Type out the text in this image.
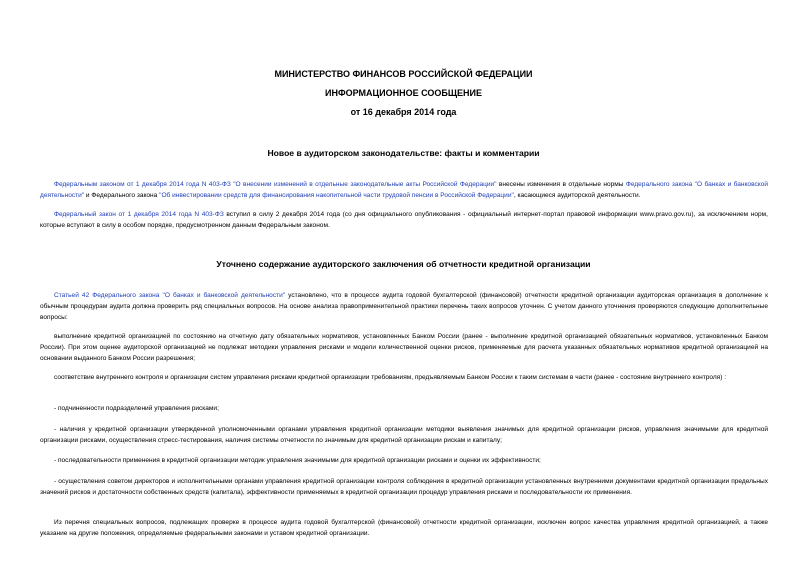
МИНИСТЕРСТВО ФИНАНСОВ РОССИЙСКОЙ ФЕДЕРАЦИИ
ИНФОРМАЦИОННОЕ СООБЩЕНИЕ
от 16 декабря 2014 года
Новое в аудиторском законодательстве: факты и комментарии
Федеральным законом от 1 декабря 2014 года N 403-ФЗ "О внесении изменений в отдельные законодательные акты Российской Федерации" внесены изменения в отдельные нормы Федерального закона "О банках и банковской деятельности" и Федерального закона "Об инвестировании средств для финансирования накопительной части трудовой пенсии в Российской Федерации", касающиеся аудиторской деятельности.
Федеральный закон от 1 декабря 2014 года N 403-ФЗ вступил в силу 2 декабря 2014 года (со дня официального опубликования - официальный интернет-портал правовой информации www.pravo.gov.ru), за исключением норм, которые вступают в силу в особом порядке, предусмотренном данным Федеральным законом.
Уточнено содержание аудиторского заключения об отчетности кредитной организации
Статьей 42 Федерального закона "О банках и банковской деятельности" установлено, что в процессе аудита годовой бухгалтерской (финансовой) отчетности кредитной организации аудиторская организация в дополнение к обычным процедурам аудита должна проверить ряд специальных вопросов. На основе анализа правоприменительной практики перечень таких вопросов уточнен. С учетом данного уточнения проверяются следующие дополнительные вопросы:
выполнение кредитной организацией по состоянию на отчетную дату обязательных нормативов, установленных Банком России (ранее - выполнение кредитной организацией обязательных нормативов, установленных Банком России). При этом оценке аудиторской организацией не подлежат методики управления рисками и модели количественной оценки рисков, применяемые для расчета указанных обязательных нормативов кредитной организацией на основании выданного Банком России разрешения;
соответствие внутреннего контроля и организации систем управления рисками кредитной организации требованиям, предъявляемым Банком России к таким системам в части (ранее - состояние внутреннего контроля) :
- подчиненности подразделений управления рисками;
- наличия у кредитной организации утвержденной уполномоченными органами управления кредитной организации методики выявления значимых для кредитной организации рисков, управления значимыми для кредитной организации рисками, осуществления стресс-тестирования, наличия системы отчетности по значимым для кредитной организации рискам и капиталу;
- последовательности применения в кредитной организации методик управления значимыми для кредитной организации рисками и оценки их эффективности;
- осуществления советом директоров и исполнительными органами управления кредитной организации контроля соблюдения в кредитной организации установленных внутренними документами кредитной организации предельных значений рисков и достаточности собственных средств (капитала), эффективности применяемых в кредитной организации процедур управления рисками и последовательности их применения.
Из перечня специальных вопросов, подлежащих проверке в процессе аудита годовой бухгалтерской (финансовой) отчетности кредитной организации, исключен вопрос качества управления кредитной организацией, а также указание на другие положения, определяемые федеральными законами и уставом кредитной организации.
